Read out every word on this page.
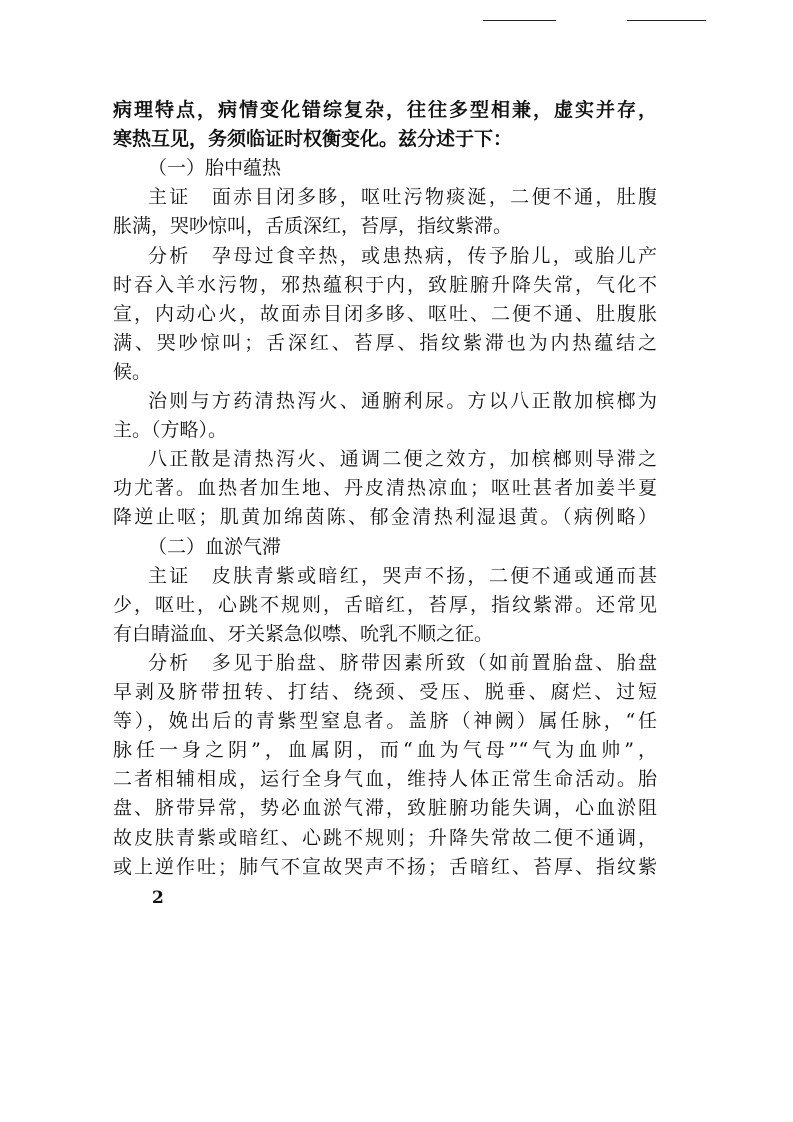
病理特点，病情变化错综复杂，往往多型相兼，虚实并存，
寒热互见，务须临证时权衡变化。兹分述于下：
（一）胎中蕴热
主证　面赤目闭多眵，呕吐污物痰涎，二便不通，肚腹
胀满，哭吵惊叫，舌质深红，苔厚，指纹紫滞。
分析　孕母过食辛热，或患热病，传予胎儿，或胎儿产
时吞入羊水污物，邪热蕴积于内，致脏腑升降失常，气化不
宣，内动心火，故面赤目闭多眵、呕吐、二便不通、肚腹胀
满、哭吵惊叫；舌深红、苔厚、指纹紫滞也为内热蕴结之
候。
治则与方药清热泻火、通腑利尿。方以八正散加槟榔为
主。（方略）。
八正散是清热泻火、通调二便之效方，加槟榔则导滞之
功尤著。血热者加生地、丹皮清热凉血；呕吐甚者加姜半夏
降逆止呕；肌黄加绵茵陈、郁金清热利湿退黄。（病例略）
（二）血淤气滞
主证　皮肤青紫或暗红，哭声不扬，二便不通或通而甚
少，呕吐，心跳不规则，舌暗红，苔厚，指纹紫滞。还常见
有白睛溢血、牙关紧急似噤、吮乳不顺之征。
分析　多见于胎盘、脐带因素所致（如前置胎盘、胎盘
早剥及脐带扭转、打结、绕颈、受压、脱垂、腐烂、过短
等），娩出后的青紫型窒息者。盖脐（神阙）属任脉，“任
脉任一身之阴”，血属阴，而“血为气母”“气为血帅”，
二者相辅相成，运行全身气血，维持人体正常生命活动。胎
盘、脐带异常，势必血淤气滞，致脏腑功能失调，心血淤阻
故皮肤青紫或暗红、心跳不规则；升降失常故二便不通调，
或上逆作吐；肺气不宣故哭声不扬；舌暗红、苔厚、指纹紫
2
